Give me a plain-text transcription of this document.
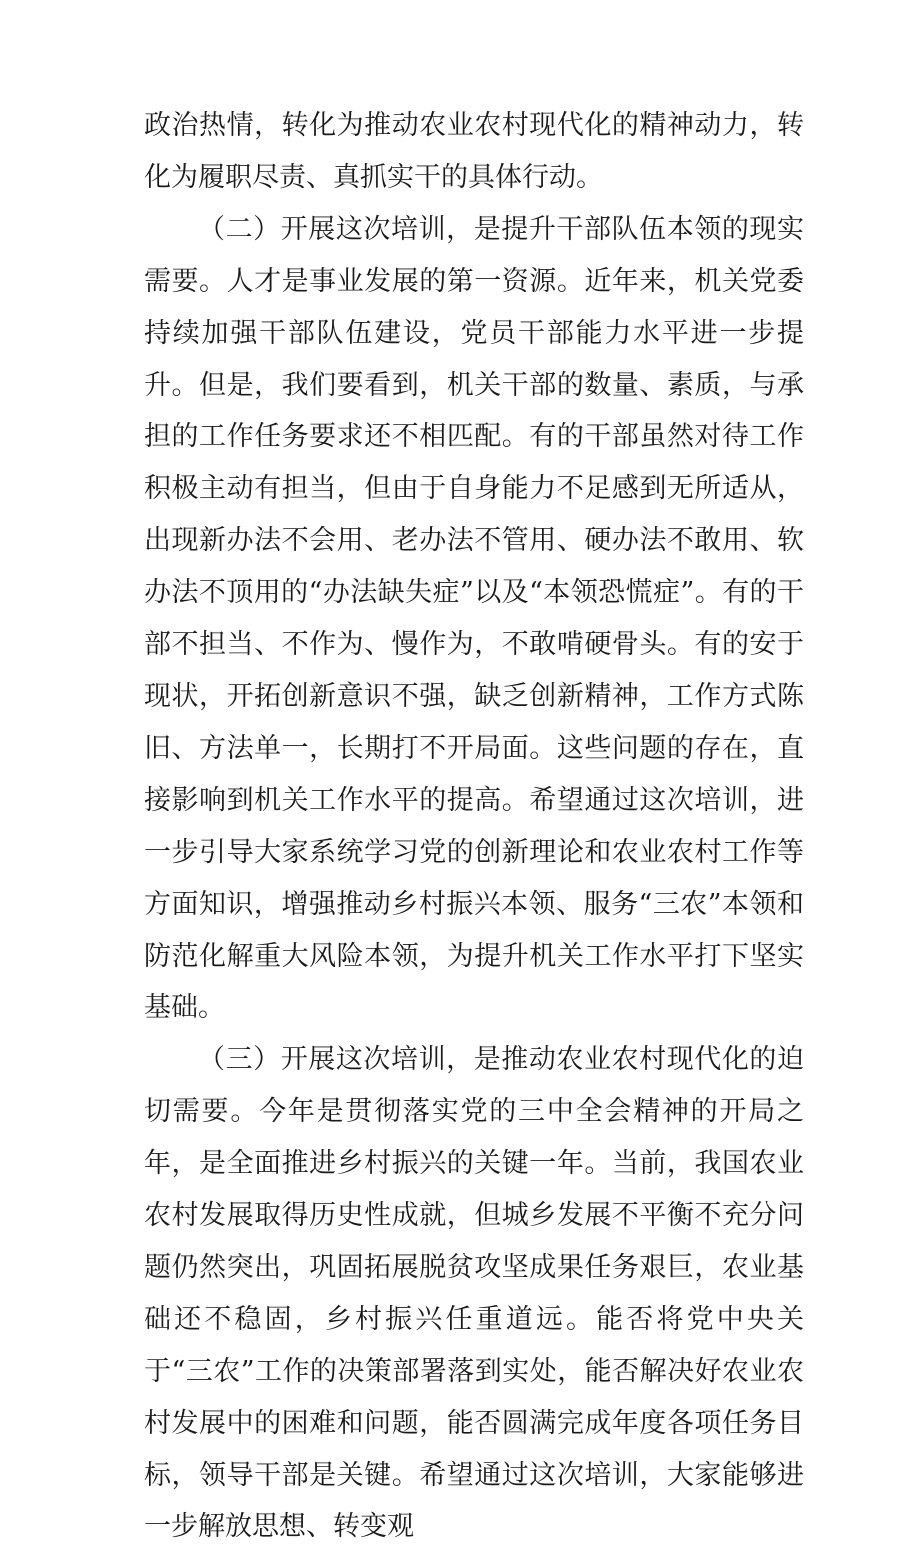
政治热情，转化为推动农业农村现代化的精神动力，转化为履职尽责、真抓实干的具体行动。

（二）开展这次培训，是提升干部队伍本领的现实需要。人才是事业发展的第一资源。近年来，机关党委持续加强干部队伍建设，党员干部能力水平进一步提升。但是，我们要看到，机关干部的数量、素质，与承担的工作任务要求还不相匹配。有的干部虽然对待工作积极主动有担当，但由于自身能力不足感到无所适从，出现新办法不会用、老办法不管用、硬办法不敢用、软办法不顶用的“办法缺失症”以及“本领恐慌症”。有的干部不担当、不作为、慢作为，不敢啃硬骨头。有的安于现状，开拓创新意识不强，缺乏创新精神，工作方式陈旧、方法单一，长期打不开局面。这些问题的存在，直接影响到机关工作水平的提高。希望通过这次培训，进一步引导大家系统学习党的创新理论和农业农村工作等方面知识，增强推动乡村振兴本领、服务“三农”本领和防范化解重大风险本领，为提升机关工作水平打下坚实基础。

（三）开展这次培训，是推动农业农村现代化的迫切需要。今年是贯彻落实党的三中全会精神的开局之年，是全面推进乡村振兴的关键一年。当前，我国农业农村发展取得历史性成就，但城乡发展不平衡不充分问题仍然突出，巩固拓展脱贫攻坚成果任务艰巨，农业基础还不稳固，乡村振兴任重道远。能否将党中央关于“三农”工作的决策部署落到实处，能否解决好农业农村发展中的困难和问题，能否圆满完成年度各项任务目标，领导干部是关键。希望通过这次培训，大家能够进一步解放思想、转变观
